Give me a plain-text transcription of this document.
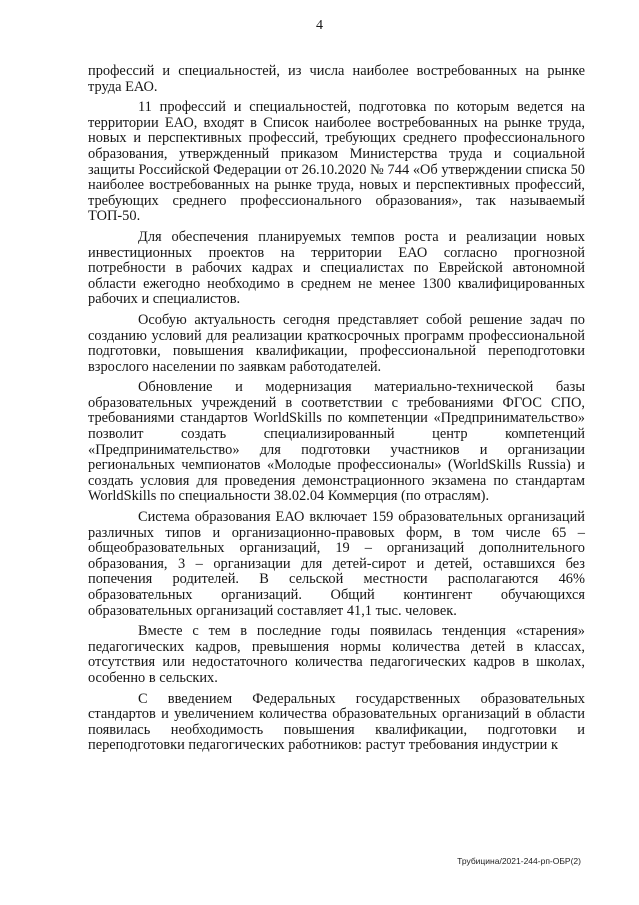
4

профессий и специальностей, из числа наиболее востребованных на рынке труда ЕАО.

11 профессий и специальностей, подготовка по которым ведется на территории ЕАО, входят в Список наиболее востребованных на рынке труда, новых и перспективных профессий, требующих среднего профессионального образования, утвержденный приказом Министерства труда и социальной защиты Российской Федерации от 26.10.2020 № 744 «Об утверждении списка 50 наиболее востребованных на рынке труда, новых и перспективных профессий, требующих среднего профессионального образования», так называемый ТОП-50.

Для обеспечения планируемых темпов роста и реализации новых инвестиционных проектов на территории ЕАО согласно прогнозной потребности в рабочих кадрах и специалистах по Еврейской автономной области ежегодно необходимо в среднем не менее 1300 квалифицированных рабочих и специалистов.

Особую актуальность сегодня представляет собой решение задач по созданию условий для реализации краткосрочных программ профессиональной подготовки, повышения квалификации, профессиональной переподготовки взрослого населении по заявкам работодателей.

Обновление и модернизация материально-технической базы образовательных учреждений в соответствии с требованиями ФГОС СПО, требованиями стандартов WorldSkills по компетенции «Предпринимательство» позволит создать специализированный центр компетенций «Предпринимательство» для подготовки участников и организации региональных чемпионатов «Молодые профессионалы» (WorldSkills Russia) и создать условия для проведения демонстрационного экзамена по стандартам WorldSkills по специальности 38.02.04 Коммерция (по отраслям).

Система образования ЕАО включает 159 образовательных организаций различных типов и организационно-правовых форм, в том числе 65 – общеобразовательных организаций, 19 – организаций дополнительного образования, 3 – организации для детей-сирот и детей, оставшихся без попечения родителей. В сельской местности располагаются 46% образовательных организаций. Общий контингент обучающихся образовательных организаций составляет 41,1 тыс. человек.

Вместе с тем в последние годы появилась тенденция «старения» педагогических кадров, превышения нормы количества детей в классах, отсутствия или недостаточного количества педагогических кадров в школах, особенно в сельских.

С введением Федеральных государственных образовательных стандартов и увеличением количества образовательных организаций в области появилась необходимость повышения квалификации, подготовки и переподготовки педагогических работников: растут требования индустрии к

Трубицина/2021-244-рп-ОБР(2)
